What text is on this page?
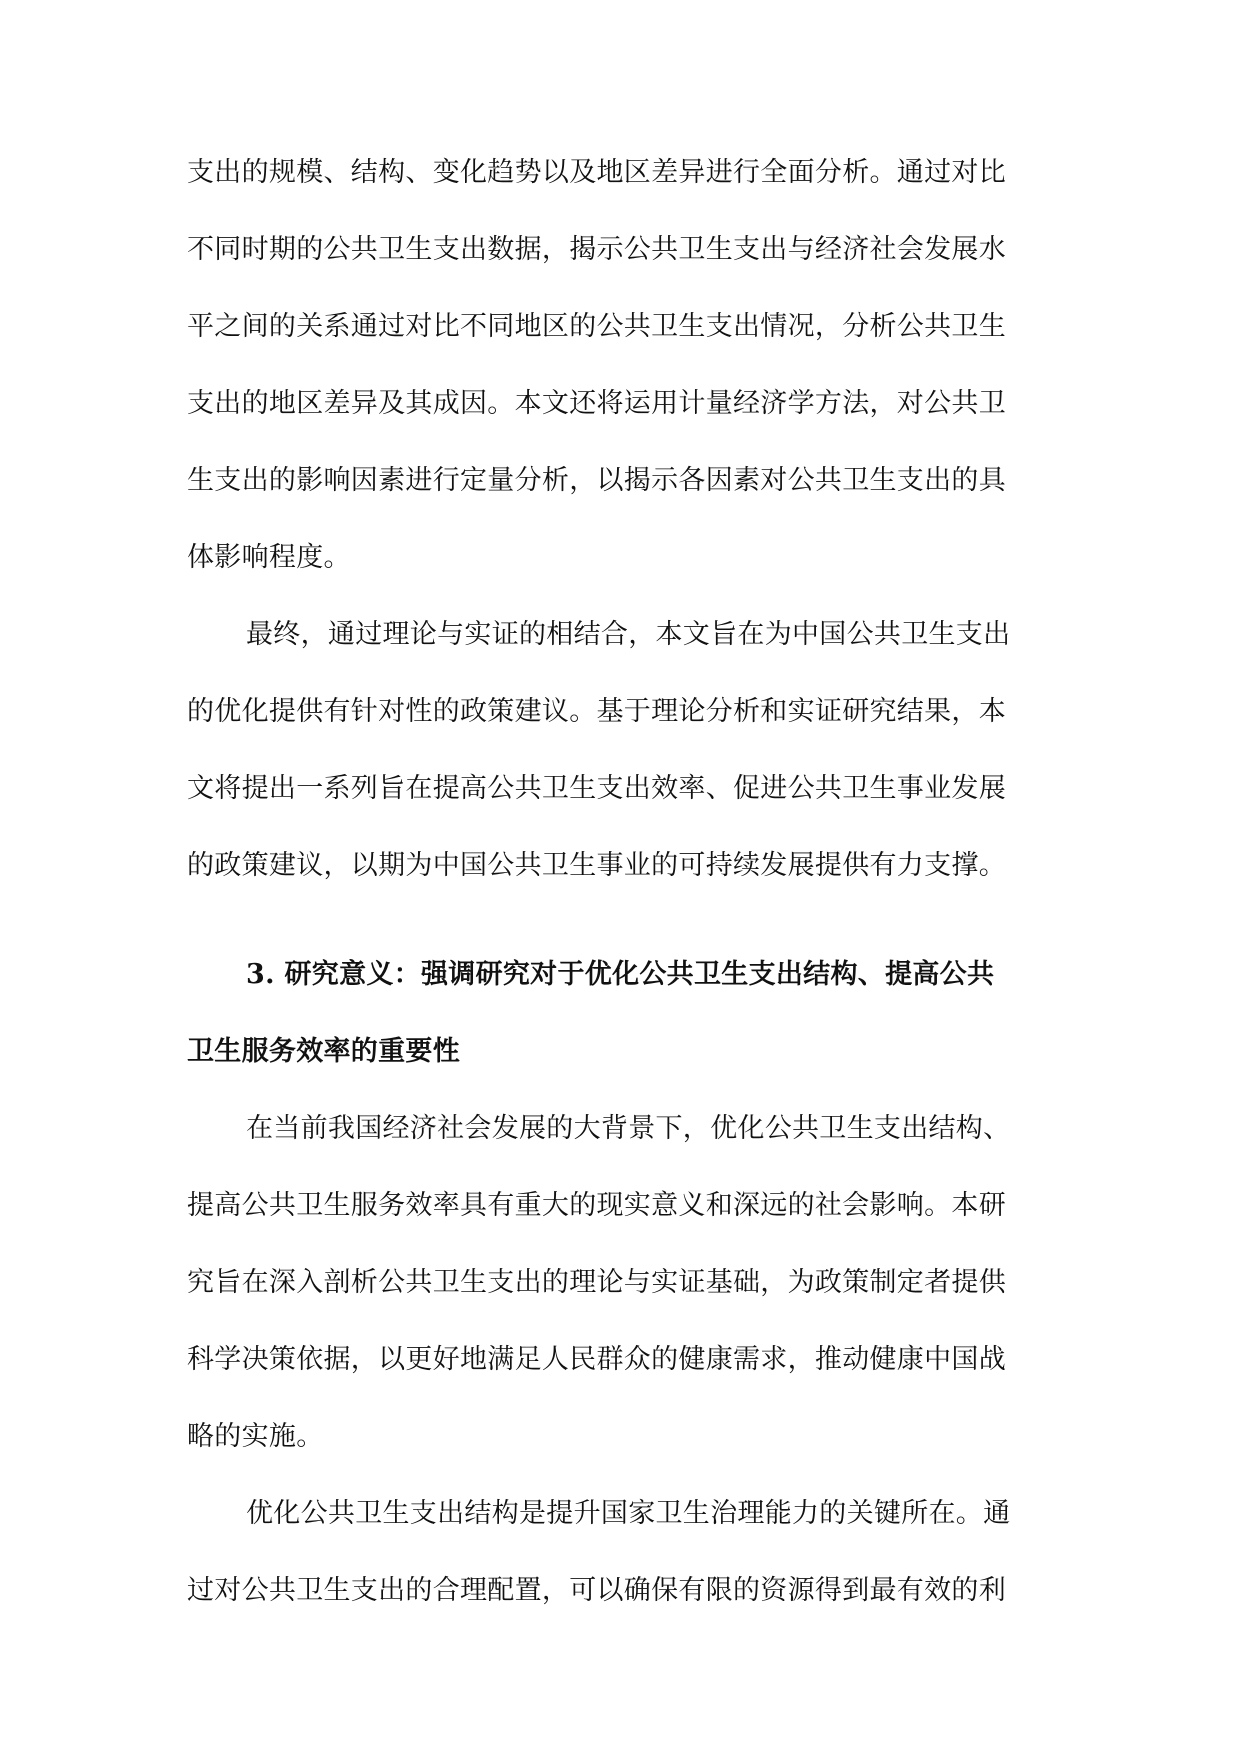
支出的规模、结构、变化趋势以及地区差异进行全面分析。通过对比
不同时期的公共卫生支出数据，揭示公共卫生支出与经济社会发展水
平之间的关系通过对比不同地区的公共卫生支出情况，分析公共卫生
支出的地区差异及其成因。本文还将运用计量经济学方法，对公共卫
生支出的影响因素进行定量分析，以揭示各因素对公共卫生支出的具
体影响程度。
最终，通过理论与实证的相结合，本文旨在为中国公共卫生支出
的优化提供有针对性的政策建议。基于理论分析和实证研究结果，本
文将提出一系列旨在提高公共卫生支出效率、促进公共卫生事业发展
的政策建议，以期为中国公共卫生事业的可持续发展提供有力支撑。
3. 研究意义：强调研究对于优化公共卫生支出结构、提高公共
卫生服务效率的重要性
在当前我国经济社会发展的大背景下，优化公共卫生支出结构、
提高公共卫生服务效率具有重大的现实意义和深远的社会影响。本研
究旨在深入剖析公共卫生支出的理论与实证基础，为政策制定者提供
科学决策依据，以更好地满足人民群众的健康需求，推动健康中国战
略的实施。
优化公共卫生支出结构是提升国家卫生治理能力的关键所在。通
过对公共卫生支出的合理配置，可以确保有限的资源得到最有效的利
